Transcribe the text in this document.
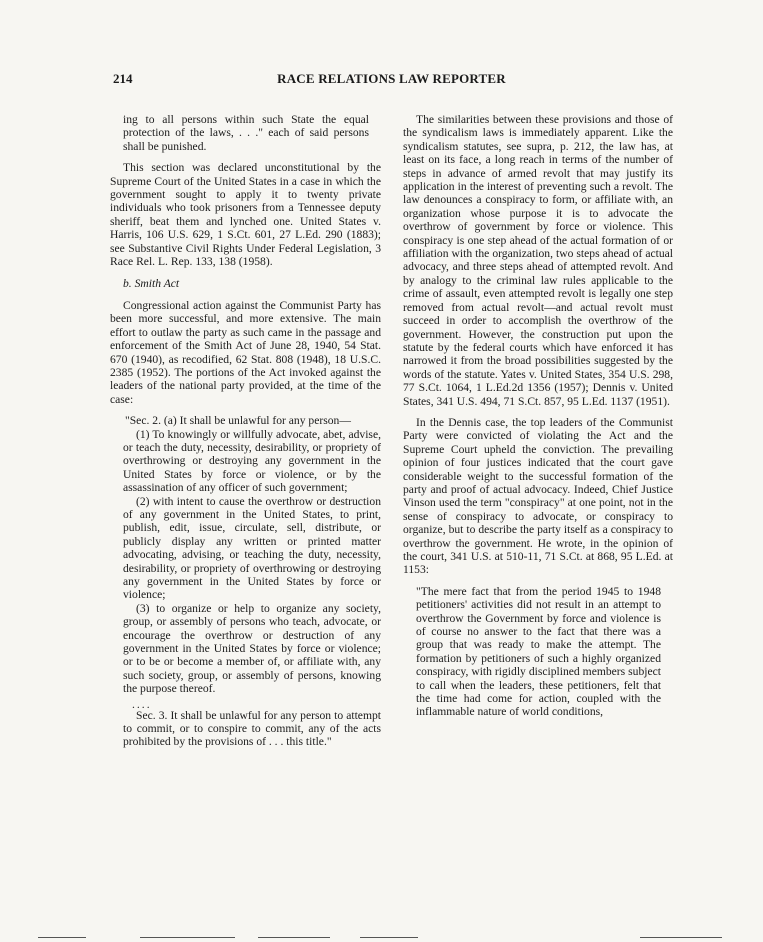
214	RACE RELATIONS LAW REPORTER

ing to all persons within such State the equal protection of the laws, . . ." each of said persons shall be punished.

This section was declared unconstitutional by the Supreme Court of the United States in a case in which the government sought to apply it to twenty private individuals who took prisoners from a Tennessee deputy sheriff, beat them and lynched one. United States v. Harris, 106 U.S. 629, 1 S.Ct. 601, 27 L.Ed. 290 (1883); see Substantive Civil Rights Under Federal Legislation, 3 Race Rel. L. Rep. 133, 138 (1958).

b. Smith Act

Congressional action against the Communist Party has been more successful, and more extensive. The main effort to outlaw the party as such came in the passage and enforcement of the Smith Act of June 28, 1940, 54 Stat. 670 (1940), as recodified, 62 Stat. 808 (1948), 18 U.S.C. 2385 (1952). The portions of the Act invoked against the leaders of the national party provided, at the time of the case:

"Sec. 2. (a) It shall be unlawful for any person—

(1) To knowingly or willfully advocate, abet, advise, or teach the duty, necessity, desirability, or propriety of overthrowing or destroying any government in the United States by force or violence, or by the assassination of any officer of such government;

(2) with intent to cause the overthrow or destruction of any government in the United States, to print, publish, edit, issue, circulate, sell, distribute, or publicly display any written or printed matter advocating, advising, or teaching the duty, necessity, desirability, or propriety of overthrowing or destroying any government in the United States by force or violence;

(3) to organize or help to organize any society, group, or assembly of persons who teach, advocate, or encourage the overthrow or destruction of any government in the United States by force or violence; or to be or become a member of, or affiliate with, any such society, group, or assembly of persons, knowing the purpose thereof.

....

Sec. 3. It shall be unlawful for any person to attempt to commit, or to conspire to commit, any of the acts prohibited by the provisions of . . . this title."

The similarities between these provisions and those of the syndicalism laws is immediately apparent. Like the syndicalism statutes, see supra, p. 212, the law has, at least on its face, a long reach in terms of the number of steps in advance of armed revolt that may justify its application in the interest of preventing such a revolt. The law denounces a conspiracy to form, or affiliate with, an organization whose purpose it is to advocate the overthrow of government by force or violence. This conspiracy is one step ahead of the actual formation of or affiliation with the organization, two steps ahead of actual advocacy, and three steps ahead of attempted revolt. And by analogy to the criminal law rules applicable to the crime of assault, even attempted revolt is legally one step removed from actual revolt—and actual revolt must succeed in order to accomplish the overthrow of the government. However, the construction put upon the statute by the federal courts which have enforced it has narrowed it from the broad possibilities suggested by the words of the statute. Yates v. United States, 354 U.S. 298, 77 S.Ct. 1064, 1 L.Ed.2d 1356 (1957); Dennis v. United States, 341 U.S. 494, 71 S.Ct. 857, 95 L.Ed. 1137 (1951).

In the Dennis case, the top leaders of the Communist Party were convicted of violating the Act and the Supreme Court upheld the conviction. The prevailing opinion of four justices indicated that the court gave considerable weight to the successful formation of the party and proof of actual advocacy. Indeed, Chief Justice Vinson used the term "conspiracy" at one point, not in the sense of conspiracy to advocate, or conspiracy to organize, but to describe the party itself as a conspiracy to overthrow the government. He wrote, in the opinion of the court, 341 U.S. at 510-11, 71 S.Ct. at 868, 95 L.Ed. at 1153:

"The mere fact that from the period 1945 to 1948 petitioners' activities did not result in an attempt to overthrow the Government by force and violence is of course no answer to the fact that there was a group that was ready to make the attempt. The formation by petitioners of such a highly organized conspiracy, with rigidly disciplined members subject to call when the leaders, these petitioners, felt that the time had come for action, coupled with the inflammable nature of world conditions,
